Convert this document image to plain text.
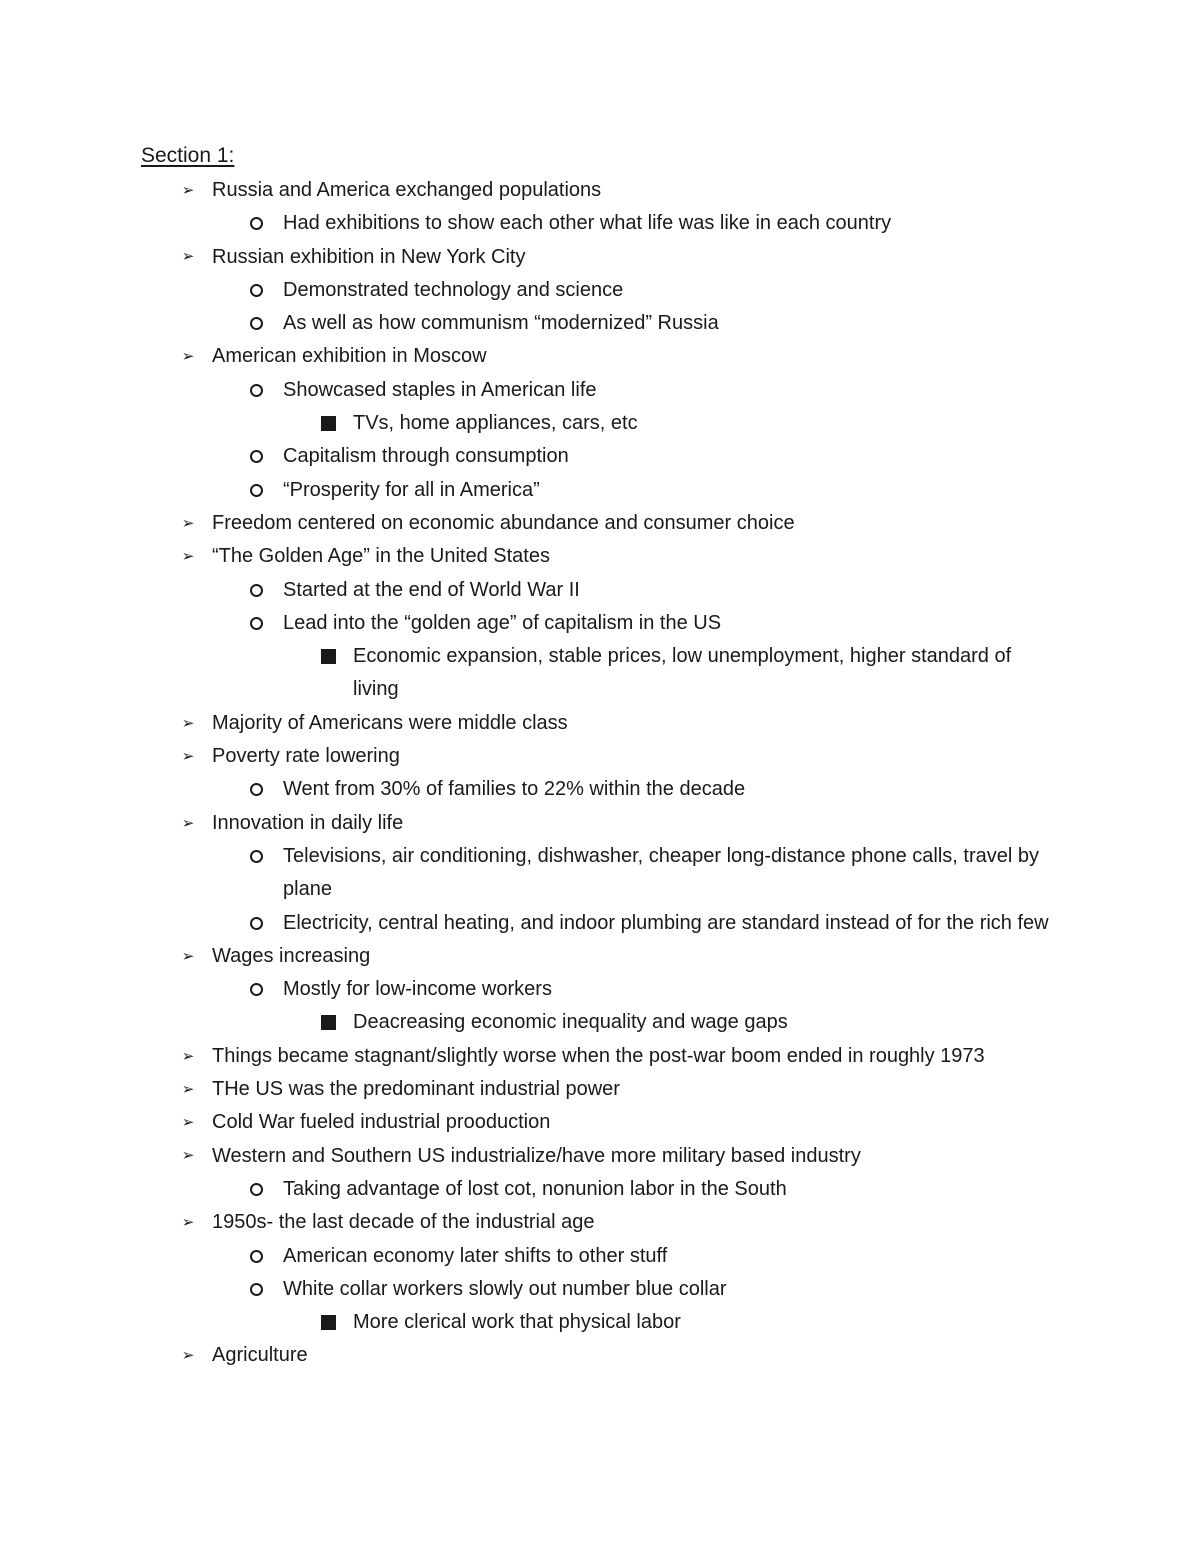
Section 1:
➢ Russia and America exchanged populations
Had exhibitions to show each other what life was like in each country
➢ Russian exhibition in New York City
Demonstrated technology and science
As well as how communism “modernized” Russia
➢ American exhibition in Moscow
Showcased staples in American life
TVs, home appliances, cars, etc
Capitalism through consumption
“Prosperity for all in America”
➢ Freedom centered on economic abundance and consumer choice
➢ “The Golden Age” in the United States
Started at the end of World War II
Lead into the “golden age” of capitalism in the US
Economic expansion, stable prices, low unemployment, higher standard of living
➢ Majority of Americans were middle class
➢ Poverty rate lowering
Went from 30% of families to 22% within the decade
➢ Innovation in daily life
Televisions, air conditioning, dishwasher, cheaper long-distance phone calls, travel by plane
Electricity, central heating, and indoor plumbing are standard instead of for the rich few
➢ Wages increasing
Mostly for low-income workers
Deacreasing economic inequality and wage gaps
➢ Things became stagnant/slightly worse when the post-war boom ended in roughly 1973
➢ THe US was the predominant industrial power
➢ Cold War fueled industrial prooduction
➢ Western and Southern US industrialize/have more military based industry
Taking advantage of lost cot, nonunion labor in the South
➢ 1950s- the last decade of the industrial age
American economy later shifts to other stuff
White collar workers slowly out number blue collar
More clerical work that physical labor
➢ Agriculture
